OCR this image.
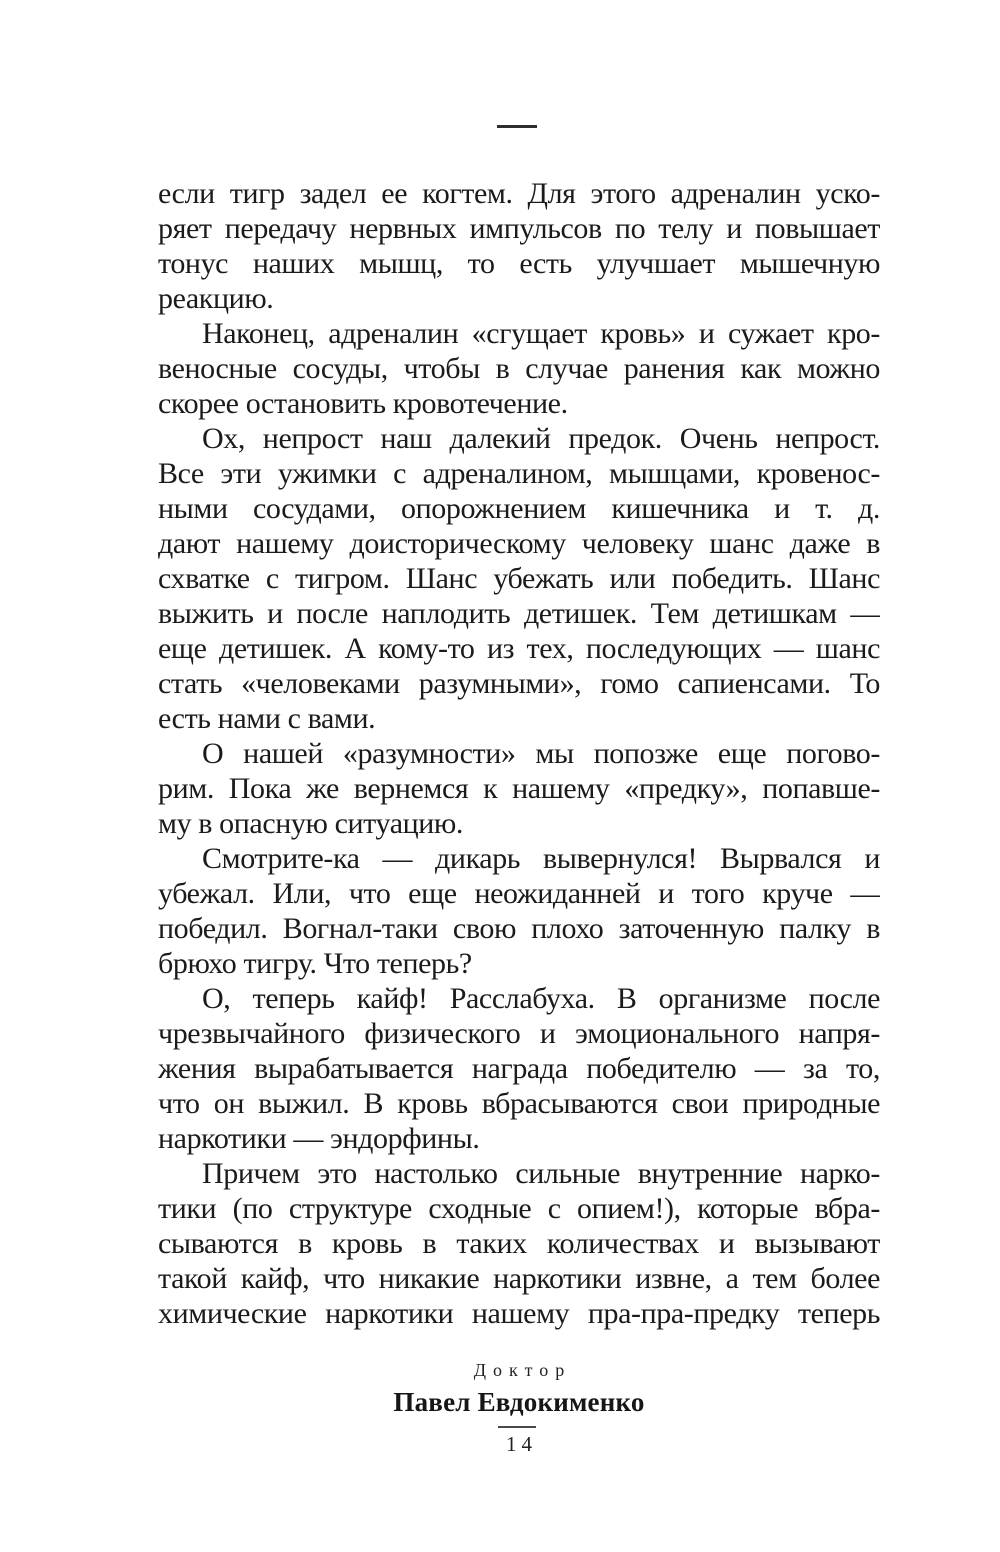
если тигр задел ее когтем. Для этого адреналин уско-
ряет передачу нервных импульсов по телу и повышает
тонус наших мышц, то есть улучшает мышечную
реакцию.
Наконец, адреналин «сгущает кровь» и сужает кро-
веносные сосуды, чтобы в случае ранения как можно
скорее остановить кровотечение.
Ох, непрост наш далекий предок. Очень непрост.
Все эти ужимки с адреналином, мышцами, кровенос-
ными сосудами, опорожнением кишечника и т. д.
дают нашему доисторическому человеку шанс даже в
схватке с тигром. Шанс убежать или победить. Шанс
выжить и после наплодить детишек. Тем детишкам —
еще детишек. А кому-то из тех, последующих — шанс
стать «человеками разумными», гомо сапиенсами. То
есть нами с вами.
О нашей «разумности» мы попозже еще погово-
рим. Пока же вернемся к нашему «предку», попавше-
му в опасную ситуацию.
Смотрите-ка — дикарь вывернулся! Вырвался и
убежал. Или, что еще неожиданней и того круче —
победил. Вогнал-таки свою плохо заточенную палку в
брюхо тигру. Что теперь?
О, теперь кайф! Расслабуха. В организме после
чрезвычайного физического и эмоционального напря-
жения вырабатывается награда победителю — за то,
что он выжил. В кровь вбрасываются свои природные
наркотики — эндорфины.
Причем это настолько сильные внутренние нарко-
тики (по структуре сходные с опием!), которые вбра-
сываются в кровь в таких количествах и вызывают
такой кайф, что никакие наркотики извне, а тем более
химические наркотики нашему пра-пра-предку теперь
Доктор
Павел Евдокименко
14
